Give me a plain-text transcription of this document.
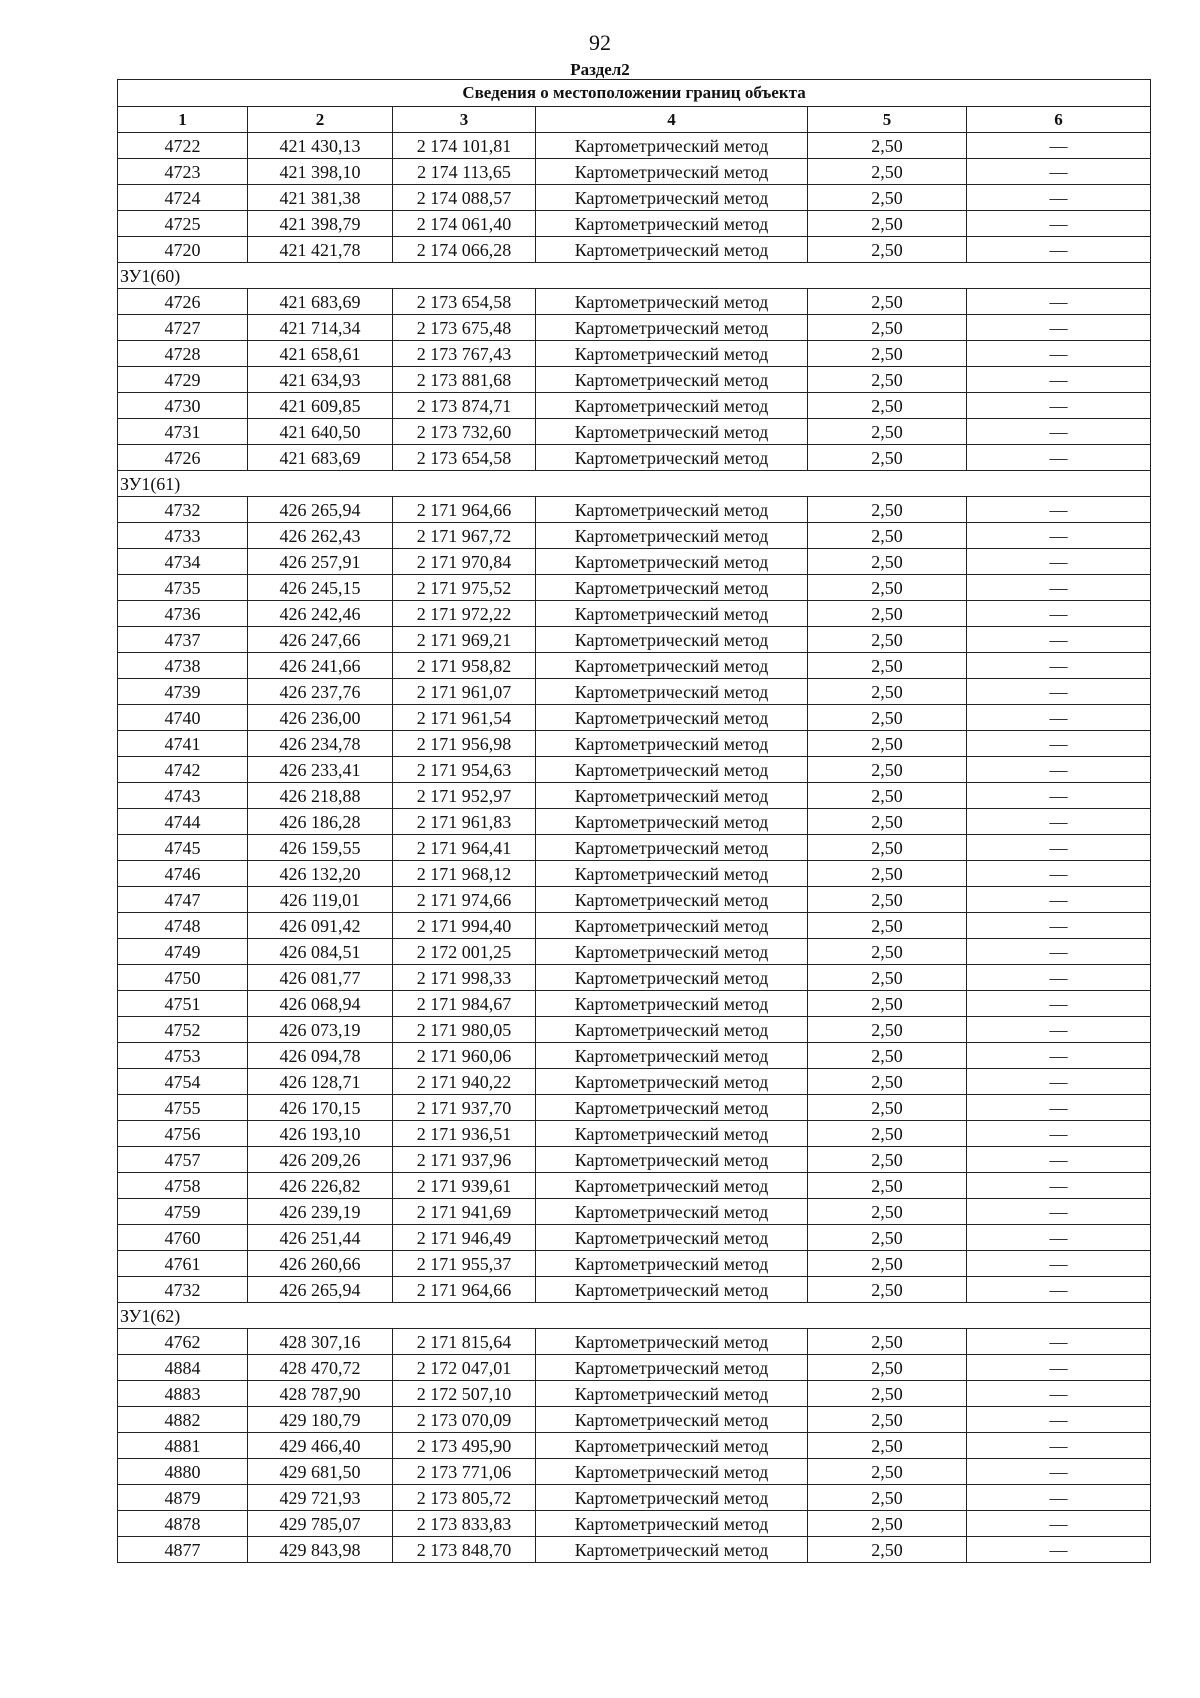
92
Раздел2
Сведения о местоположении границ объекта					
1	2	3	4	5	6
4722	421 430,13	2 174 101,81	Картометрический метод	2,50	—
4723	421 398,10	2 174 113,65	Картометрический метод	2,50	—
4724	421 381,38	2 174 088,57	Картометрический метод	2,50	—
4725	421 398,79	2 174 061,40	Картометрический метод	2,50	—
4720	421 421,78	2 174 066,28	Картометрический метод	2,50	—
ЗУ1(60)					
4726	421 683,69	2 173 654,58	Картометрический метод	2,50	—
4727	421 714,34	2 173 675,48	Картометрический метод	2,50	—
4728	421 658,61	2 173 767,43	Картометрический метод	2,50	—
4729	421 634,93	2 173 881,68	Картометрический метод	2,50	—
4730	421 609,85	2 173 874,71	Картометрический метод	2,50	—
4731	421 640,50	2 173 732,60	Картометрический метод	2,50	—
4726	421 683,69	2 173 654,58	Картометрический метод	2,50	—
ЗУ1(61)					
4732	426 265,94	2 171 964,66	Картометрический метод	2,50	—
4733	426 262,43	2 171 967,72	Картометрический метод	2,50	—
4734	426 257,91	2 171 970,84	Картометрический метод	2,50	—
4735	426 245,15	2 171 975,52	Картометрический метод	2,50	—
4736	426 242,46	2 171 972,22	Картометрический метод	2,50	—
4737	426 247,66	2 171 969,21	Картометрический метод	2,50	—
4738	426 241,66	2 171 958,82	Картометрический метод	2,50	—
4739	426 237,76	2 171 961,07	Картометрический метод	2,50	—
4740	426 236,00	2 171 961,54	Картометрический метод	2,50	—
4741	426 234,78	2 171 956,98	Картометрический метод	2,50	—
4742	426 233,41	2 171 954,63	Картометрический метод	2,50	—
4743	426 218,88	2 171 952,97	Картометрический метод	2,50	—
4744	426 186,28	2 171 961,83	Картометрический метод	2,50	—
4745	426 159,55	2 171 964,41	Картометрический метод	2,50	—
4746	426 132,20	2 171 968,12	Картометрический метод	2,50	—
4747	426 119,01	2 171 974,66	Картометрический метод	2,50	—
4748	426 091,42	2 171 994,40	Картометрический метод	2,50	—
4749	426 084,51	2 172 001,25	Картометрический метод	2,50	—
4750	426 081,77	2 171 998,33	Картометрический метод	2,50	—
4751	426 068,94	2 171 984,67	Картометрический метод	2,50	—
4752	426 073,19	2 171 980,05	Картометрический метод	2,50	—
4753	426 094,78	2 171 960,06	Картометрический метод	2,50	—
4754	426 128,71	2 171 940,22	Картометрический метод	2,50	—
4755	426 170,15	2 171 937,70	Картометрический метод	2,50	—
4756	426 193,10	2 171 936,51	Картометрический метод	2,50	—
4757	426 209,26	2 171 937,96	Картометрический метод	2,50	—
4758	426 226,82	2 171 939,61	Картометрический метод	2,50	—
4759	426 239,19	2 171 941,69	Картометрический метод	2,50	—
4760	426 251,44	2 171 946,49	Картометрический метод	2,50	—
4761	426 260,66	2 171 955,37	Картометрический метод	2,50	—
4732	426 265,94	2 171 964,66	Картометрический метод	2,50	—
ЗУ1(62)					
4762	428 307,16	2 171 815,64	Картометрический метод	2,50	—
4884	428 470,72	2 172 047,01	Картометрический метод	2,50	—
4883	428 787,90	2 172 507,10	Картометрический метод	2,50	—
4882	429 180,79	2 173 070,09	Картометрический метод	2,50	—
4881	429 466,40	2 173 495,90	Картометрический метод	2,50	—
4880	429 681,50	2 173 771,06	Картометрический метод	2,50	—
4879	429 721,93	2 173 805,72	Картометрический метод	2,50	—
4878	429 785,07	2 173 833,83	Картометрический метод	2,50	—
4877	429 843,98	2 173 848,70	Картометрический метод	2,50	—
